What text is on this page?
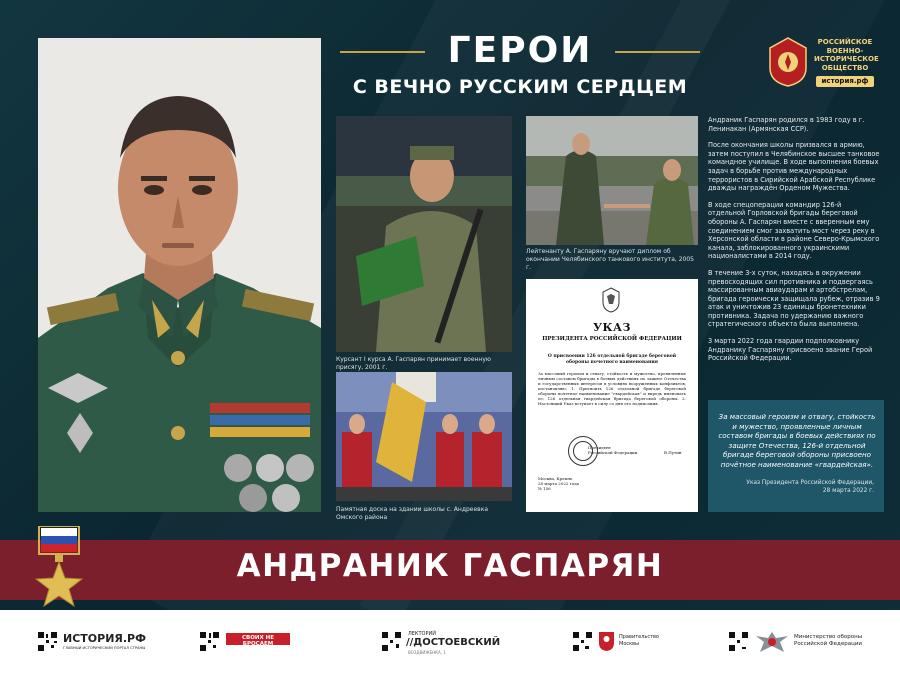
ГЕРОИ
С ВЕЧНО РУССКИМ СЕРДЦЕМ
РОССИЙСКОЕ
ВОЕННО-
ИСТОРИЧЕСКОЕ
ОБЩЕСТВО
история.рф
Курсант I курса А. Гаспарян принимает военную присягу, 2001 г.
Лейтенанту А. Гаспаряну вручают диплом об окончании Челябинского танкового института, 2005 г.
Памятная доска на здании школы с. Андреевка Омского района
УКАЗ
ПРЕЗИДЕНТА РОССИЙСКОЙ ФЕДЕРАЦИИ
О присвоении 126 отдельной бригаде береговой обороны почетного наименования
За массовый героизм и отвагу, стойкость и мужество, проявленные личным составом бригады в боевых действиях по защите Отечества и государственных интересов в условиях вооруженных конфликтов, постановляю: 1. Присвоить 126 отдельной бригаде береговой обороны почетное наименование "гвардейская" и впредь именовать ее: 126 отдельная гвардейская бригада береговой обороны. 2. Настоящий Указ вступает в силу со дня его подписания.
Президент
Российской Федерации	В.Путин
Москва, Кремль
28 марта 2022 года
№ 156

Андраник Гаспарян родился в 1983 году в г. Ленинакан (Армянская ССР).

После окончания школы призвался в армию, затем поступил в Челябинское высшее танковое командное училище. В ходе выполнения боевых задач в борьбе против международных террористов в Сирийской Арабской Республике дважды награждён Орденом Мужества.

В ходе спецоперации командир 126-й отдельной Горловской бригады береговой обороны А. Гаспарян вместе с вверенным ему соединением смог захватить мост через реку в Херсонской области в районе Северо-Крымского канала, заблокированного украинскими националистами в 2014 году.

В течение 3-х суток, находясь в окружении превосходящих сил противника и подвергаясь массированным авиаударам и артобстрелам, бригада героически защищала рубеж, отразив 9 атак и уничтожив 23 единицы бронетехники противника. Задача по удержанию важного стратегического объекта была выполнена.

3 марта 2022 года гвардии подполковнику Андранику Гаспаряну присвоено звание Герой Российской Федерации.

За массовый героизм и отвагу, стойкость и мужество, проявленные личным составом бригады в боевых действиях по защите Отечества, 126-й отдельной бригаде береговой обороны присвоено почётное наименование «гвардейская».
Указ Президента Российской Федерации,
28 марта 2022 г.
АНДРАНИК ГАСПАРЯН
ИСТОРИЯ.РФ
ГЛАВНЫЙ ИСТОРИЧЕСКИЙ ПОРТАЛ СТРАНЫ
СВОИХ НЕ БРОСАЕМ
ЛЕКТОРИЙ
//ДОСТОЕВСКИЙ
ВОЗДВИЖЕНКА, 1
Правительство Москвы
Министерство обороны Российской Федерации
